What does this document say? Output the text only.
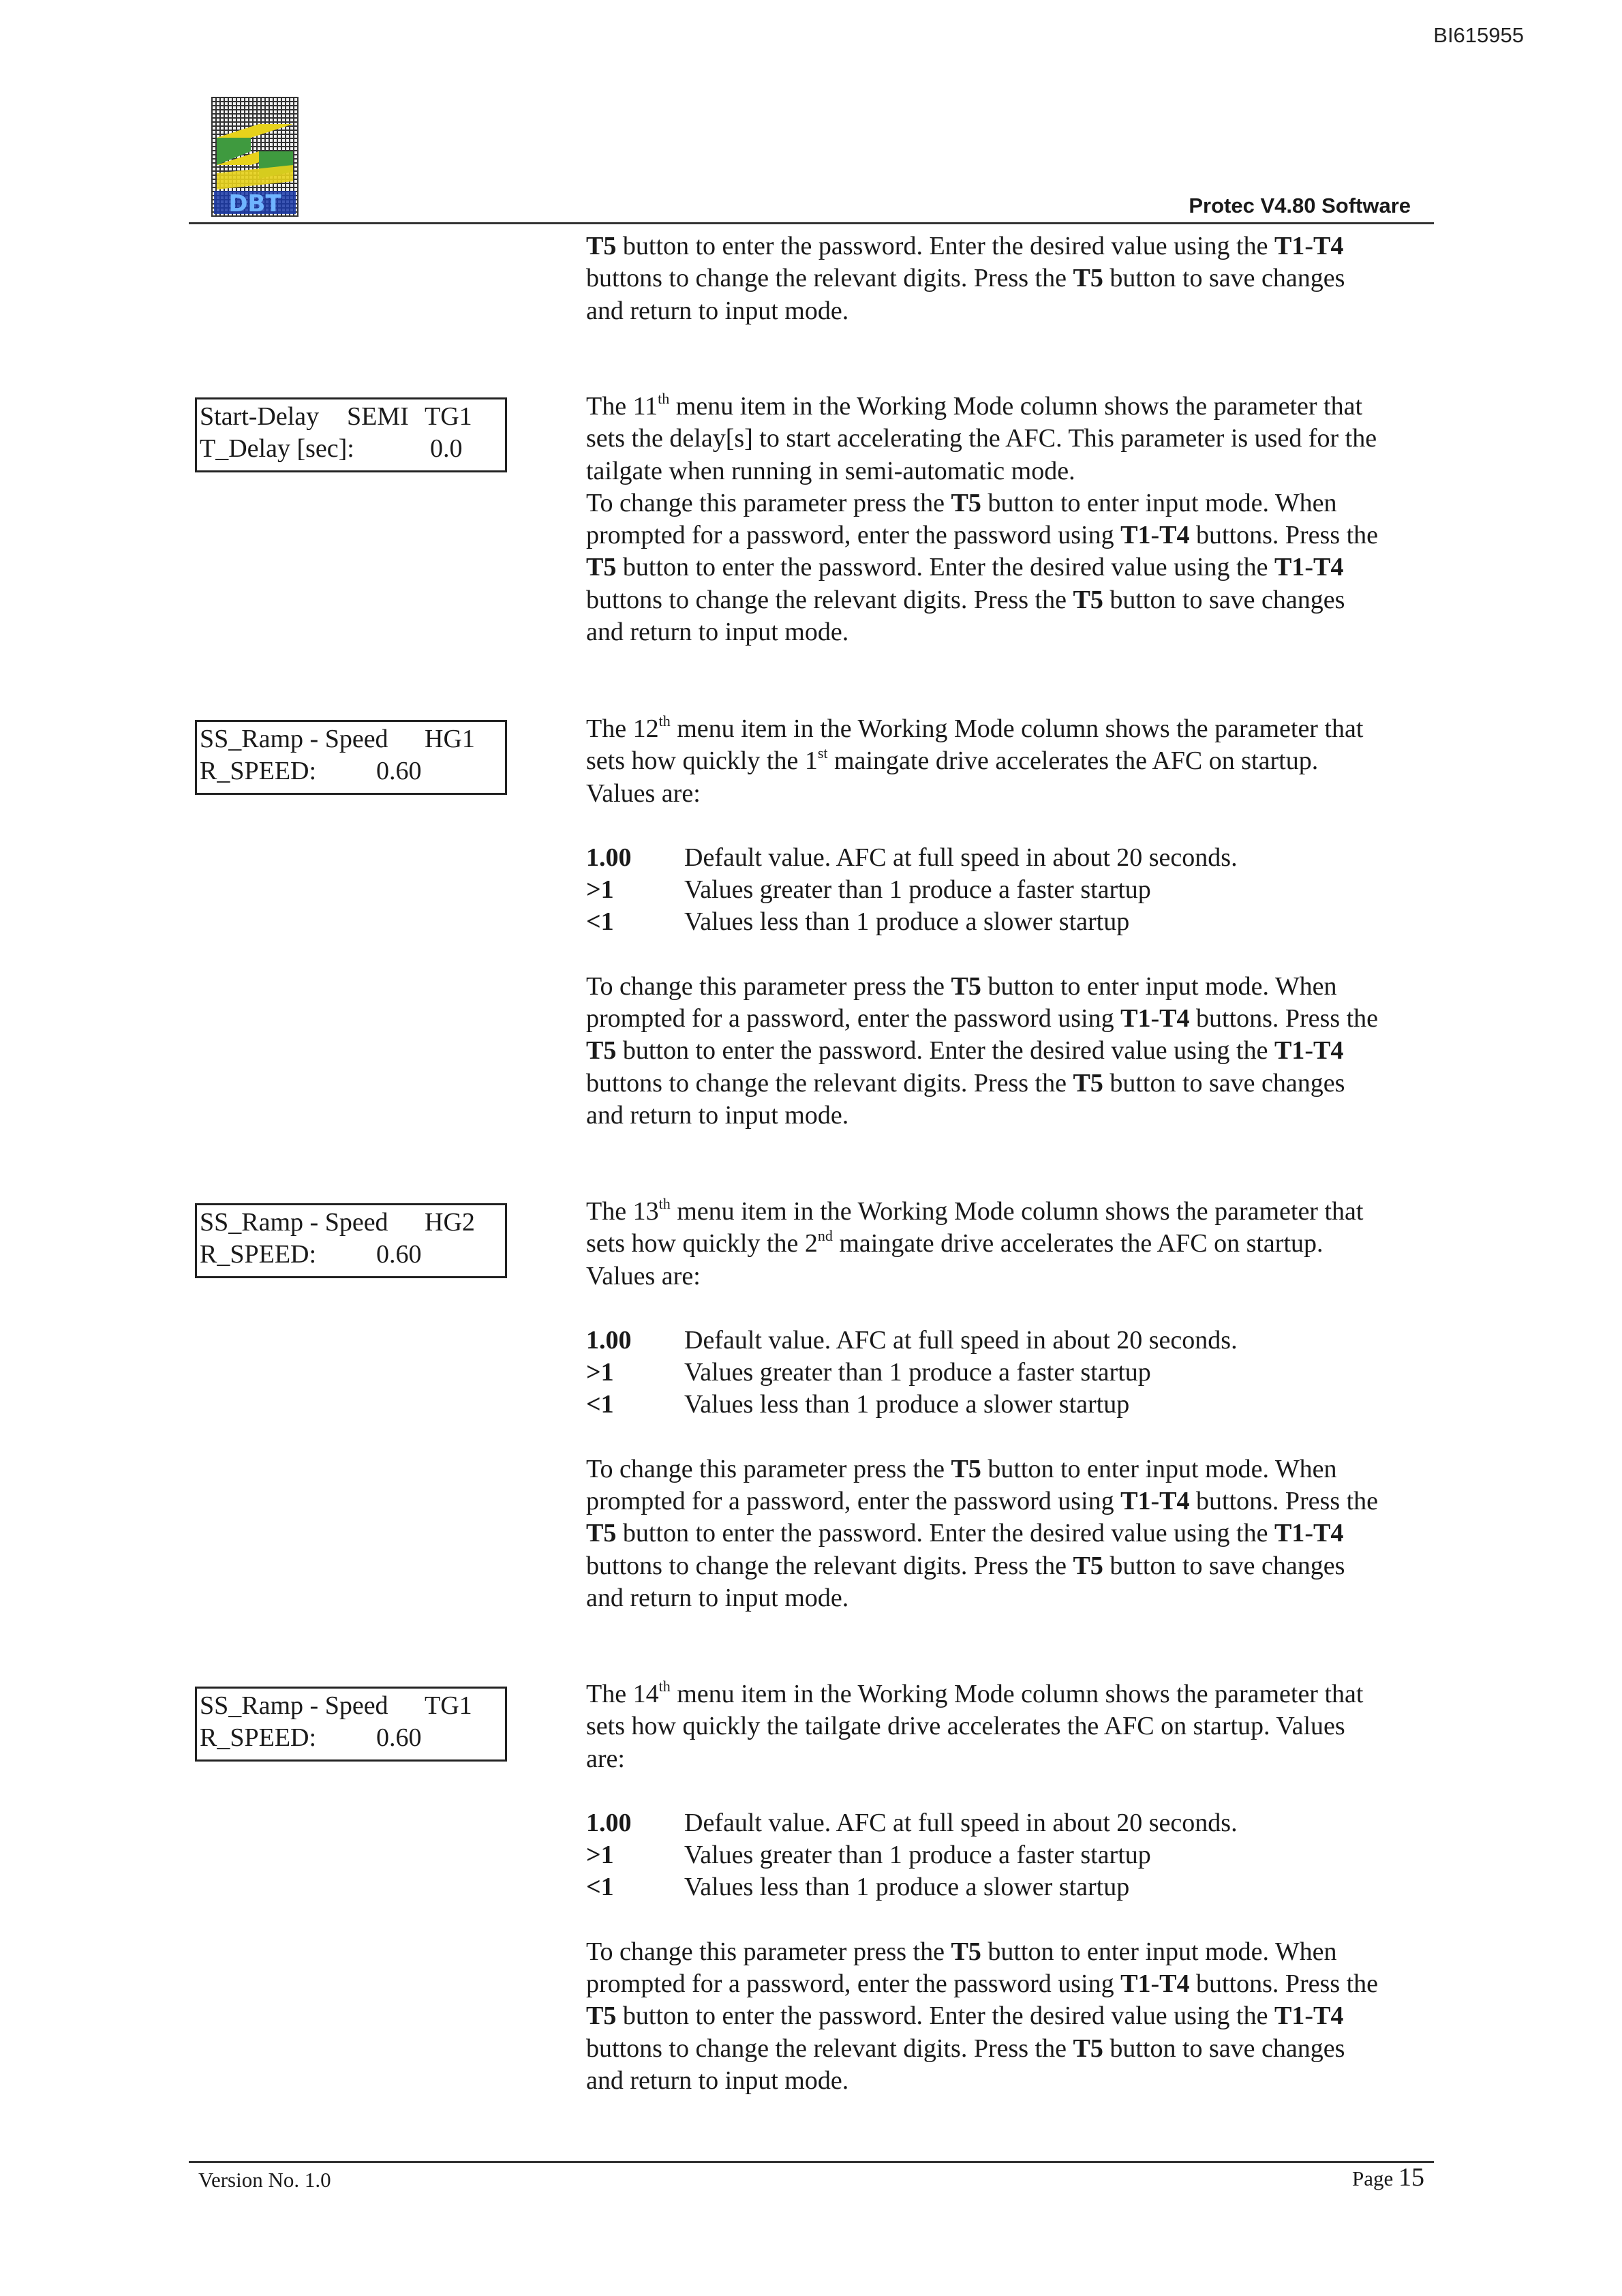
BI615955
DBT	Protec V4.80 Software

T5 button to enter the password. Enter the desired value using the T1-T4

buttons to change the relevant digits. Press the T5 button to save changes

and return to input mode.

Start-Delay SEMI TG1
T_Delay [sec]:	0.0

The 11th menu item in the Working Mode column shows the parameter that

sets the delay[s] to start accelerating the AFC. This parameter is used for the

tailgate when running in semi-automatic mode.

To change this parameter press the T5 button to enter input mode. When

prompted for a password, enter the password using T1-T4 buttons. Press the

T5 button to enter the password. Enter the desired value using the T1-T4

buttons to change the relevant digits. Press the T5 button to save changes

and return to input mode.

SS_Ramp - Speed HG1
R_SPEED: 0.60

The 12th menu item in the Working Mode column shows the parameter that

sets how quickly the 1st maingate drive accelerates the AFC on startup.

Values are:

1.00	Default value. AFC at full speed in about 20 seconds.
>1	Values greater than 1 produce a faster startup
<1	Values less than 1 produce a slower startup

To change this parameter press the T5 button to enter input mode. When

prompted for a password, enter the password using T1-T4 buttons. Press the

T5 button to enter the password. Enter the desired value using the T1-T4

buttons to change the relevant digits. Press the T5 button to save changes

and return to input mode.

SS_Ramp - Speed HG2
R_SPEED: 0.60

The 13th menu item in the Working Mode column shows the parameter that

sets how quickly the 2nd maingate drive accelerates the AFC on startup.

Values are:

1.00	Default value. AFC at full speed in about 20 seconds.
>1	Values greater than 1 produce a faster startup
<1	Values less than 1 produce a slower startup

To change this parameter press the T5 button to enter input mode. When

prompted for a password, enter the password using T1-T4 buttons. Press the

T5 button to enter the password. Enter the desired value using the T1-T4

buttons to change the relevant digits. Press the T5 button to save changes

and return to input mode.

SS_Ramp - Speed TG1
R_SPEED: 0.60

The 14th menu item in the Working Mode column shows the parameter that

sets how quickly the tailgate drive accelerates the AFC on startup. Values

are:

1.00	Default value. AFC at full speed in about 20 seconds.
>1	Values greater than 1 produce a faster startup
<1	Values less than 1 produce a slower startup

To change this parameter press the T5 button to enter input mode. When

prompted for a password, enter the password using T1-T4 buttons. Press the

T5 button to enter the password. Enter the desired value using the T1-T4

buttons to change the relevant digits. Press the T5 button to save changes

and return to input mode.

Version No. 1.0	Page 15
